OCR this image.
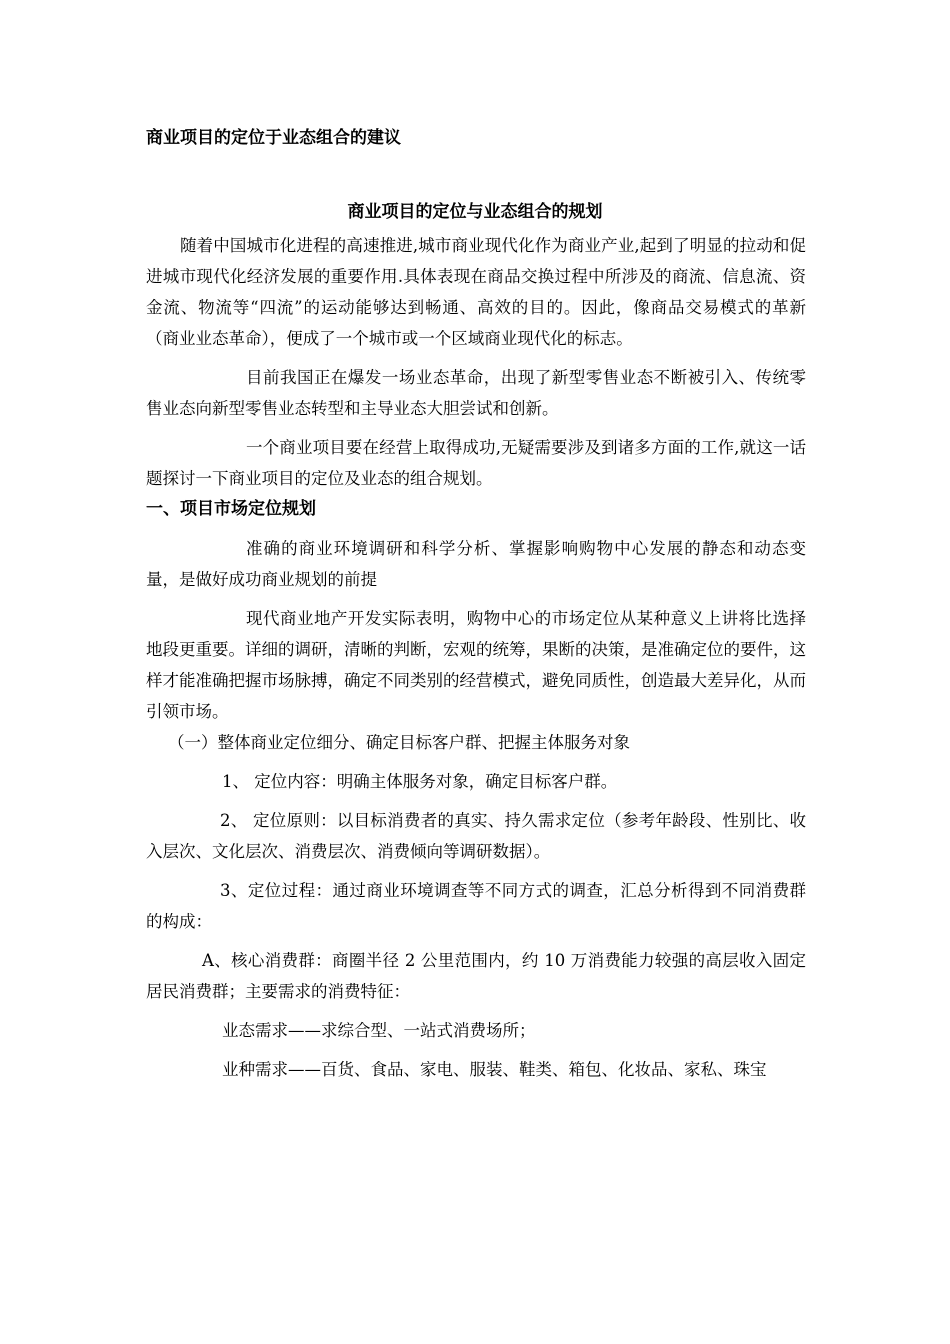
商业项目的定位于业态组合的建议
商业项目的定位与业态组合的规划

随着中国城市化进程的高速推进,城市商业现代化作为商业产业,起到了明显的拉动和促进城市现代化经济发展的重要作用.具体表现在商品交换过程中所涉及的商流、信息流、资金流、物流等“四流”的运动能够达到畅通、高效的目的。因此，像商品交易模式的革新（商业业态革命），便成了一个城市或一个区域商业现代化的标志。

目前我国正在爆发一场业态革命，出现了新型零售业态不断被引入、传统零售业态向新型零售业态转型和主导业态大胆尝试和创新。

一个商业项目要在经营上取得成功,无疑需要涉及到诸多方面的工作,就这一话题探讨一下商业项目的定位及业态的组合规划。

一、项目市场定位规划

准确的商业环境调研和科学分析、掌握影响购物中心发展的静态和动态变量，是做好成功商业规划的前提

现代商业地产开发实际表明，购物中心的市场定位从某种意义上讲将比选择地段更重要。详细的调研，清晰的判断，宏观的统筹，果断的决策，是准确定位的要件，这样才能准确把握市场脉搏，确定不同类别的经营模式，避免同质性，创造最大差异化，从而引领市场。

（一）整体商业定位细分、确定目标客户群、把握主体服务对象

1、 定位内容：明确主体服务对象，确定目标客户群。

2、 定位原则：以目标消费者的真实、持久需求定位（参考年龄段、性别比、收入层次、文化层次、消费层次、消费倾向等调研数据）。

3、定位过程：通过商业环境调查等不同方式的调查，汇总分析得到不同消费群的构成：

A、核心消费群：商圈半径 2 公里范围内，约 10 万消费能力较强的高层收入固定居民消费群；主要需求的消费特征：

业态需求——求综合型、一站式消费场所；

业种需求——百货、食品、家电、服装、鞋类、箱包、化妆品、家私、珠宝
